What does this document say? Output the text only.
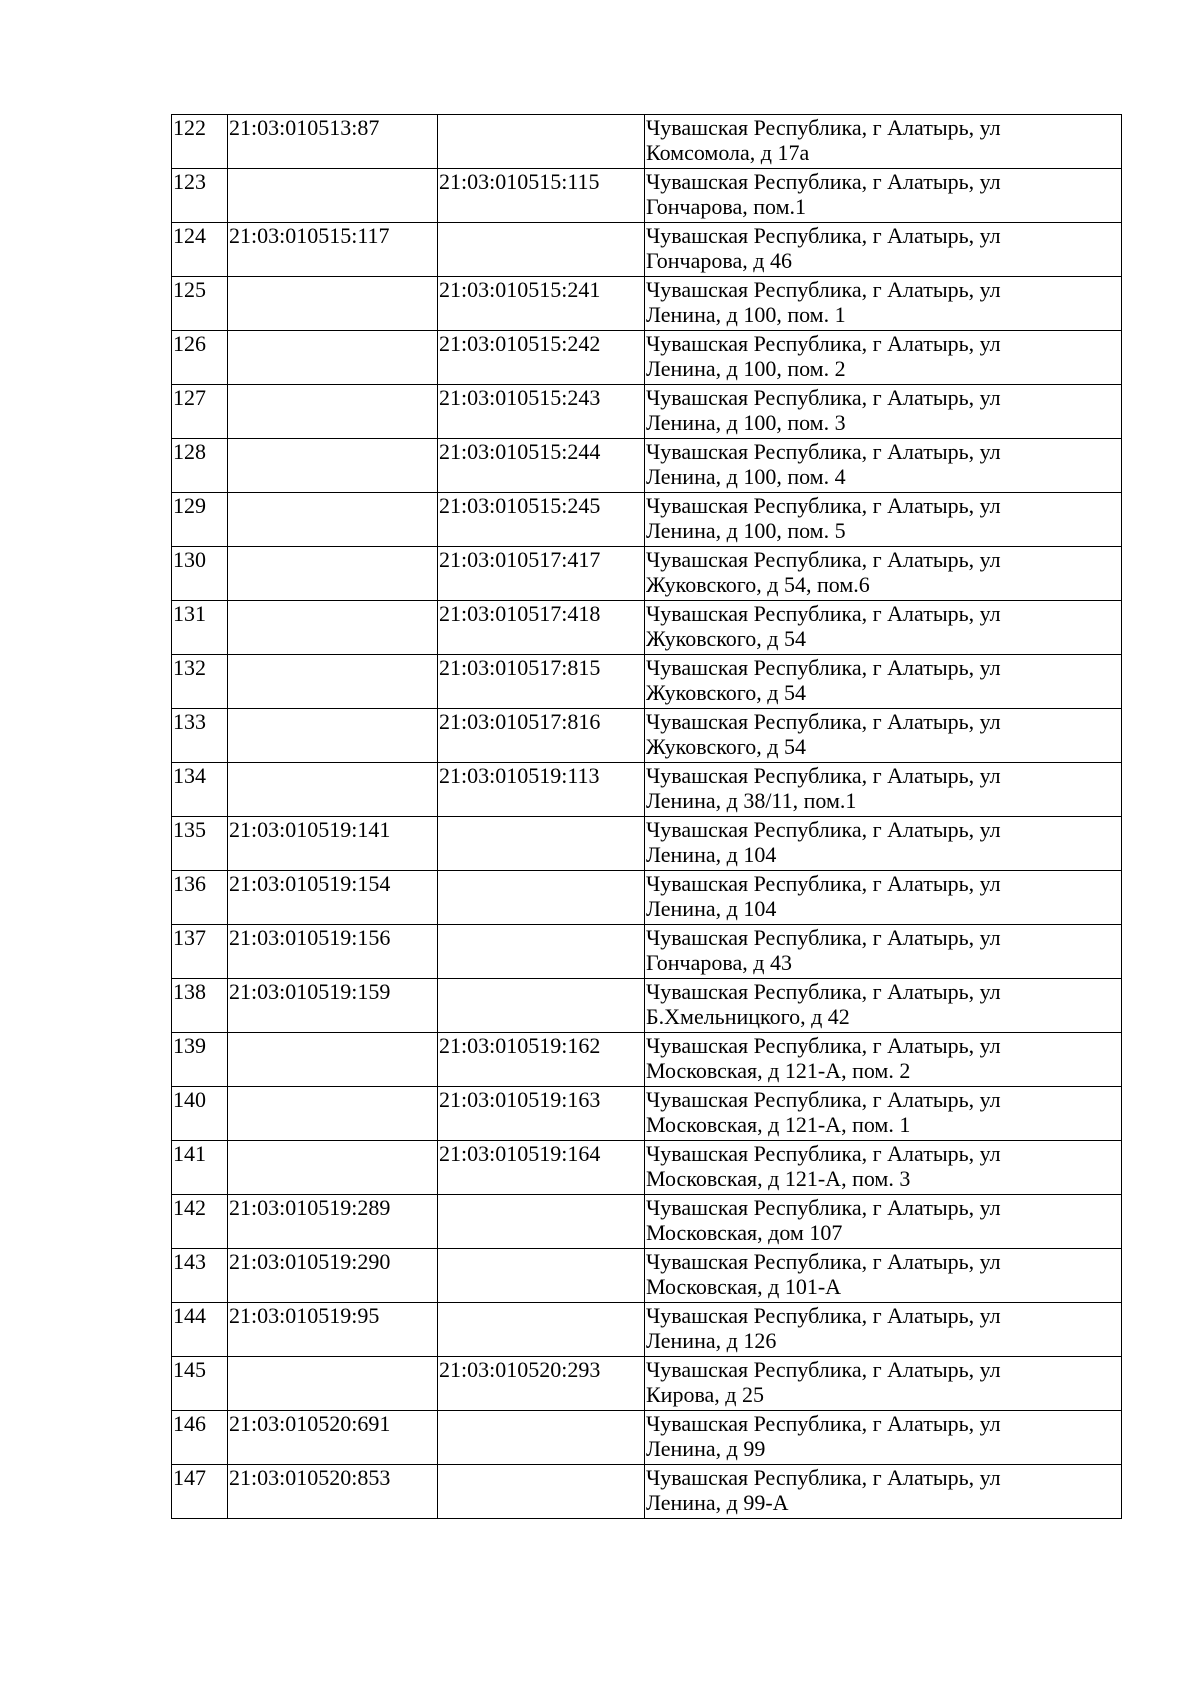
122	21:03:010513:87		Чувашская Республика, г Алатырь, ул
Комсомола, д 17а

123		21:03:010515:115	Чувашская Республика, г Алатырь, ул
Гончарова, пом.1

124	21:03:010515:117		Чувашская Республика, г Алатырь, ул
Гончарова, д 46

125		21:03:010515:241	Чувашская Республика, г Алатырь, ул
Ленина, д 100, пом. 1

126		21:03:010515:242	Чувашская Республика, г Алатырь, ул
Ленина, д 100, пом. 2

127		21:03:010515:243	Чувашская Республика, г Алатырь, ул
Ленина, д 100, пом. 3

128		21:03:010515:244	Чувашская Республика, г Алатырь, ул
Ленина, д 100, пом. 4

129		21:03:010515:245	Чувашская Республика, г Алатырь, ул
Ленина, д 100, пом. 5

130		21:03:010517:417	Чувашская Республика, г Алатырь, ул
Жуковского, д 54, пом.6

131		21:03:010517:418	Чувашская Республика, г Алатырь, ул
Жуковского, д 54

132		21:03:010517:815	Чувашская Республика, г Алатырь, ул
Жуковского, д 54

133		21:03:010517:816	Чувашская Республика, г Алатырь, ул
Жуковского, д 54

134		21:03:010519:113	Чувашская Республика, г Алатырь, ул
Ленина, д 38/11, пом.1

135	21:03:010519:141		Чувашская Республика, г Алатырь, ул
Ленина, д 104

136	21:03:010519:154		Чувашская Республика, г Алатырь, ул
Ленина, д 104

137	21:03:010519:156		Чувашская Республика, г Алатырь, ул
Гончарова, д 43

138	21:03:010519:159		Чувашская Республика, г Алатырь, ул
Б.Хмельницкого, д 42

139		21:03:010519:162	Чувашская Республика, г Алатырь, ул
Московская, д 121-А, пом. 2

140		21:03:010519:163	Чувашская Республика, г Алатырь, ул
Московская, д 121-А, пом. 1

141		21:03:010519:164	Чувашская Республика, г Алатырь, ул
Московская, д 121-А, пом. 3

142	21:03:010519:289		Чувашская Республика, г Алатырь, ул
Московская, дом 107

143	21:03:010519:290		Чувашская Республика, г Алатырь, ул
Московская, д 101-А

144	21:03:010519:95		Чувашская Республика, г Алатырь, ул
Ленина, д 126

145		21:03:010520:293	Чувашская Республика, г Алатырь, ул
Кирова, д 25

146	21:03:010520:691		Чувашская Республика, г Алатырь, ул
Ленина, д 99

147	21:03:010520:853		Чувашская Республика, г Алатырь, ул
Ленина, д 99-А
